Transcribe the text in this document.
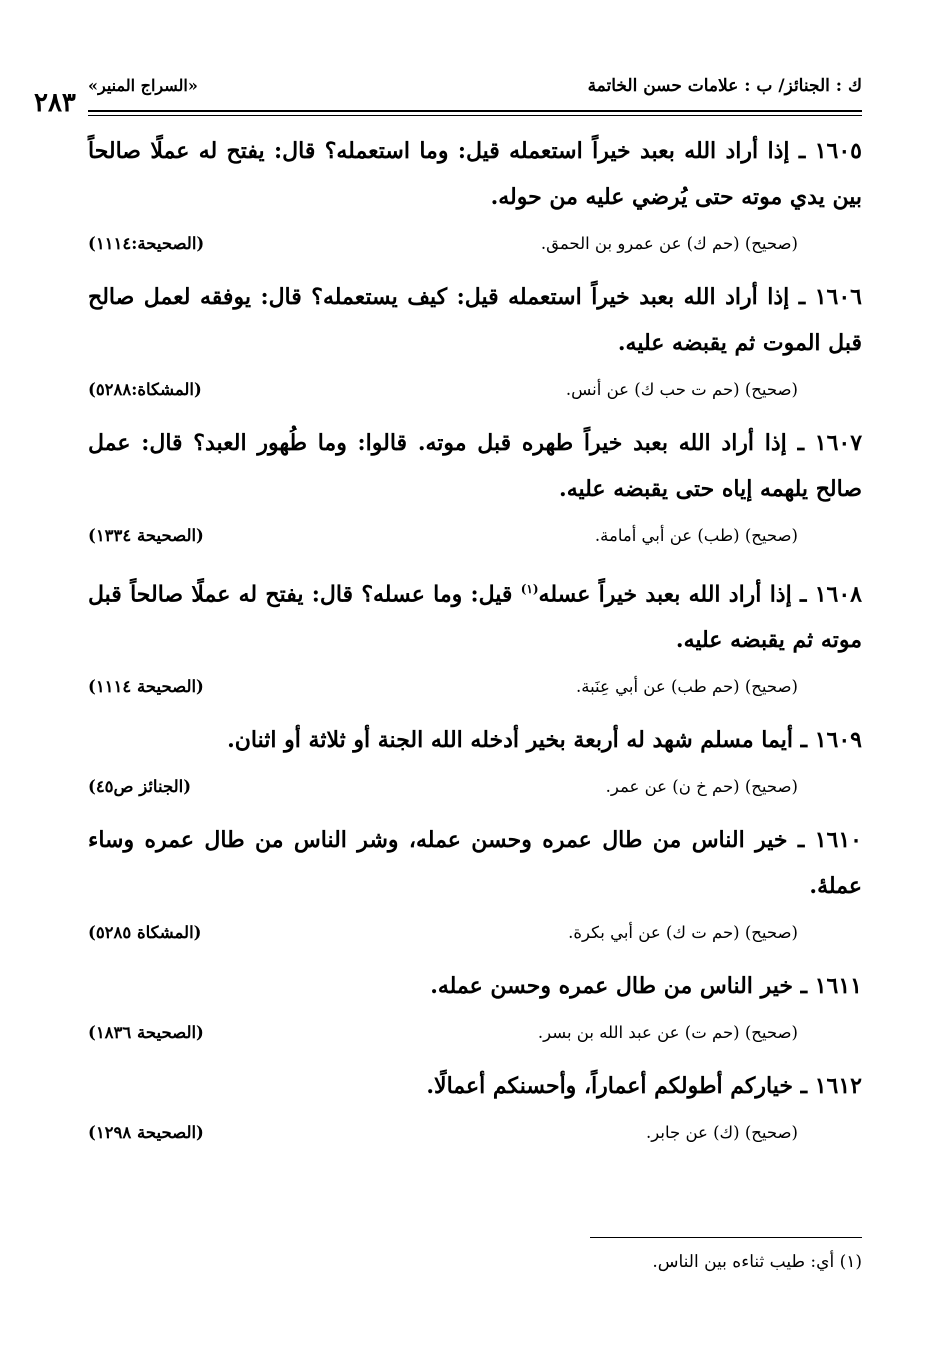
ك : الجنائز/ ب : علامات حسن الخاتمة
«السراج المنير»
٢٨٣

١٦٠٥ ـ إذا أراد الله بعبد خيراً استعمله قيل: وما استعمله؟ قال: يفتح له عملًا صالحاً بين يدي موته حتى يُرضي عليه من حوله.

(صحيح) (حم ك) عن عمرو بن الحمق.
(الصحيحة:١١١٤)

١٦٠٦ ـ إذا أراد الله بعبد خيراً استعمله قيل: كيف يستعمله؟ قال: يوفقه لعمل صالح قبل الموت ثم يقبضه عليه.

(صحيح) (حم ت حب ك) عن أنس.
(المشكاة:٥٢٨٨)

١٦٠٧ ـ إذا أراد الله بعبد خيراً طهره قبل موته. قالوا: وما طُهور العبد؟ قال: عمل صالح يلهمه إياه حتى يقبضه عليه.

(صحيح) (طب) عن أبي أمامة.
(الصحيحة ١٣٣٤)

١٦٠٨ ـ إذا أراد الله بعبد خيراً عسله$^{(١)}$ قيل: وما عسله؟ قال: يفتح له عملًا صالحاً قبل موته ثم يقبضه عليه.

(صحيح) (حم طب) عن أبي عِنَبة.
(الصحيحة ١١١٤)

١٦٠٩ ـ أيما مسلم شهد له أربعة بخير أدخله الله الجنة أو ثلاثة أو اثنان.

(صحيح) (حم خ ن) عن عمر.
(الجنائز ص٤٥)

١٦١٠ ـ خير الناس من طال عمره وحسن عمله، وشر الناس من طال عمره وساء عملهٔ.

(صحيح) (حم ت ك) عن أبي بكرة.
(المشكاة ٥٢٨٥)

١٦١١ ـ خير الناس من طال عمره وحسن عمله.

(صحيح) (حم ت) عن عبد الله بن بسر.
(الصحيحة ١٨٣٦)

١٦١٢ ـ خياركم أطولكم أعماراً، وأحسنكم أعمالًا.

(صحيح) (ك) عن جابر.
(الصحيحة ١٢٩٨)
(١) أي: طيب ثناءه بين الناس.
